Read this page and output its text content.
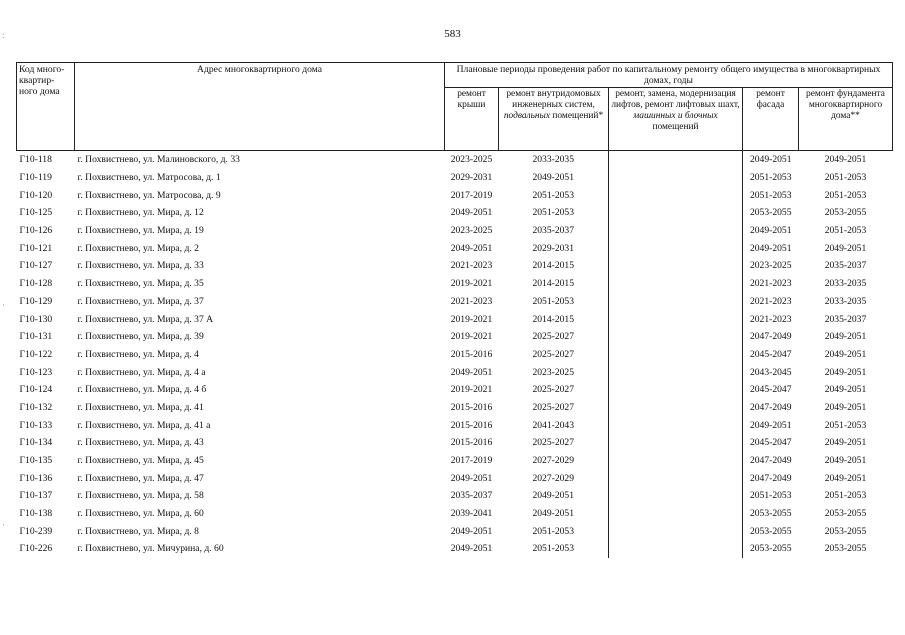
:
·
·
583
Код много-квартир-ного дома	Адрес многоквартирного дома	Плановые периоды проведения работ по капитальному ремонту общего имущества в многоквартирных домах, годы				
		ремонт крыши	ремонт внутридомовых инженерных систем, подвальных помещений*	ремонт, замена, модернизация лифтов, ремонт лифтовых шахт, машинных и блочных помещений	ремонт фасада	ремонт фундамента многоквартирного дома**
Г10-118	г. Похвистнево, ул. Малиновского, д. 33	2023-2025	2033-2035		2049-2051	2049-2051
Г10-119	г. Похвистнево, ул. Матросова, д. 1	2029-2031	2049-2051		2051-2053	2051-2053
Г10-120	г. Похвистнево, ул. Матросова, д. 9	2017-2019	2051-2053		2051-2053	2051-2053
Г10-125	г. Похвистнево, ул. Мира, д. 12	2049-2051	2051-2053		2053-2055	2053-2055
Г10-126	г. Похвистнево, ул. Мира, д. 19	2023-2025	2035-2037		2049-2051	2051-2053
Г10-121	г. Похвистнево, ул. Мира, д. 2	2049-2051	2029-2031		2049-2051	2049-2051
Г10-127	г. Похвистнево, ул. Мира, д. 33	2021-2023	2014-2015		2023-2025	2035-2037
Г10-128	г. Похвистнево, ул. Мира, д. 35	2019-2021	2014-2015		2021-2023	2033-2035
Г10-129	г. Похвистнево, ул. Мира, д. 37	2021-2023	2051-2053		2021-2023	2033-2035
Г10-130	г. Похвистнево, ул. Мира, д. 37 А	2019-2021	2014-2015		2021-2023	2035-2037
Г10-131	г. Похвистнево, ул. Мира, д. 39	2019-2021	2025-2027		2047-2049	2049-2051
Г10-122	г. Похвистнево, ул. Мира, д. 4	2015-2016	2025-2027		2045-2047	2049-2051
Г10-123	г. Похвистнево, ул. Мира, д. 4 а	2049-2051	2023-2025		2043-2045	2049-2051
Г10-124	г. Похвистнево, ул. Мира, д. 4 б	2019-2021	2025-2027		2045-2047	2049-2051
Г10-132	г. Похвистнево, ул. Мира, д. 41	2015-2016	2025-2027		2047-2049	2049-2051
Г10-133	г. Похвистнево, ул. Мира, д. 41 а	2015-2016	2041-2043		2049-2051	2051-2053
Г10-134	г. Похвистнево, ул. Мира, д. 43	2015-2016	2025-2027		2045-2047	2049-2051
Г10-135	г. Похвистнево, ул. Мира, д. 45	2017-2019	2027-2029		2047-2049	2049-2051
Г10-136	г. Похвистнево, ул. Мира, д. 47	2049-2051	2027-2029		2047-2049	2049-2051
Г10-137	г. Похвистнево, ул. Мира, д. 58	2035-2037	2049-2051		2051-2053	2051-2053
Г10-138	г. Похвистнево, ул. Мира, д. 60	2039-2041	2049-2051		2053-2055	2053-2055
Г10-239	г. Похвистнево, ул. Мира, д. 8	2049-2051	2051-2053		2053-2055	2053-2055
Г10-226	г. Похвистнево, ул. Мичурина, д. 60	2049-2051	2051-2053		2053-2055	2053-2055
